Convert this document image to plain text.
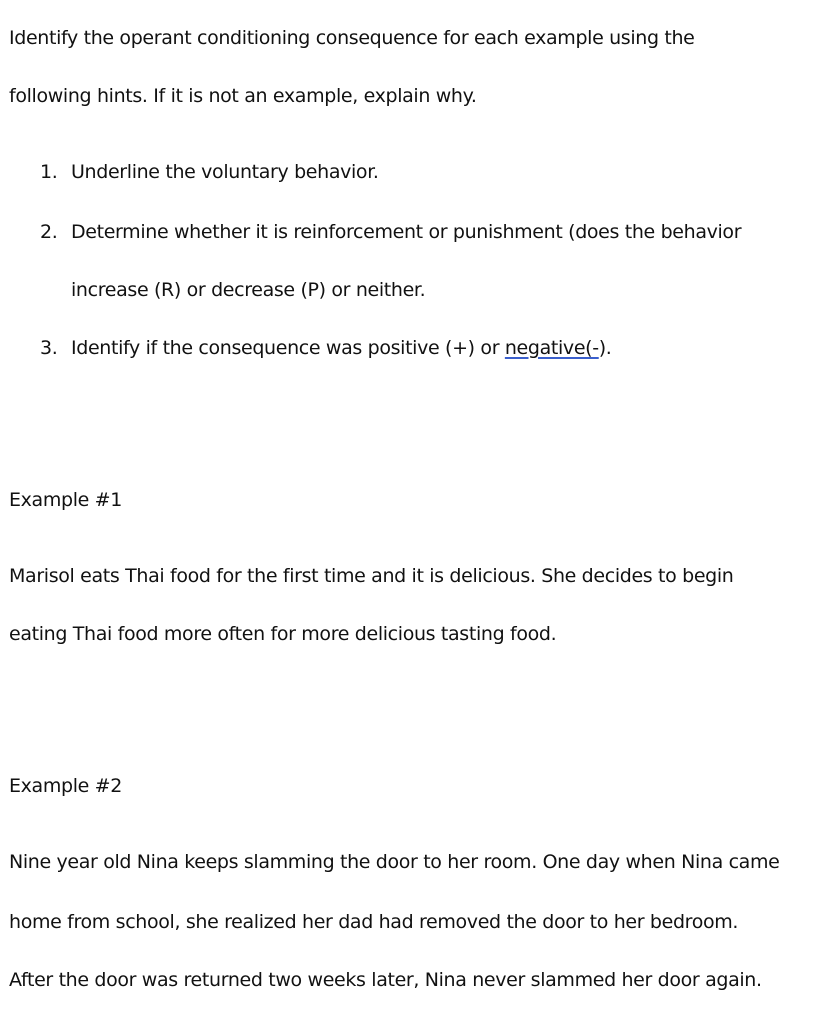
Identify the operant conditioning consequence for each example using the
following hints. If it is not an example, explain why.
1. Underline the voluntary behavior.
2. Determine whether it is reinforcement or punishment (does the behavior
increase (R) or decrease (P) or neither.
3. Identify if the consequence was positive (+) or negative(-).
Example #1
Marisol eats Thai food for the first time and it is delicious. She decides to begin
eating Thai food more often for more delicious tasting food.
Example #2
Nine year old Nina keeps slamming the door to her room. One day when Nina came
home from school, she realized her dad had removed the door to her bedroom.
After the door was returned two weeks later, Nina never slammed her door again.
